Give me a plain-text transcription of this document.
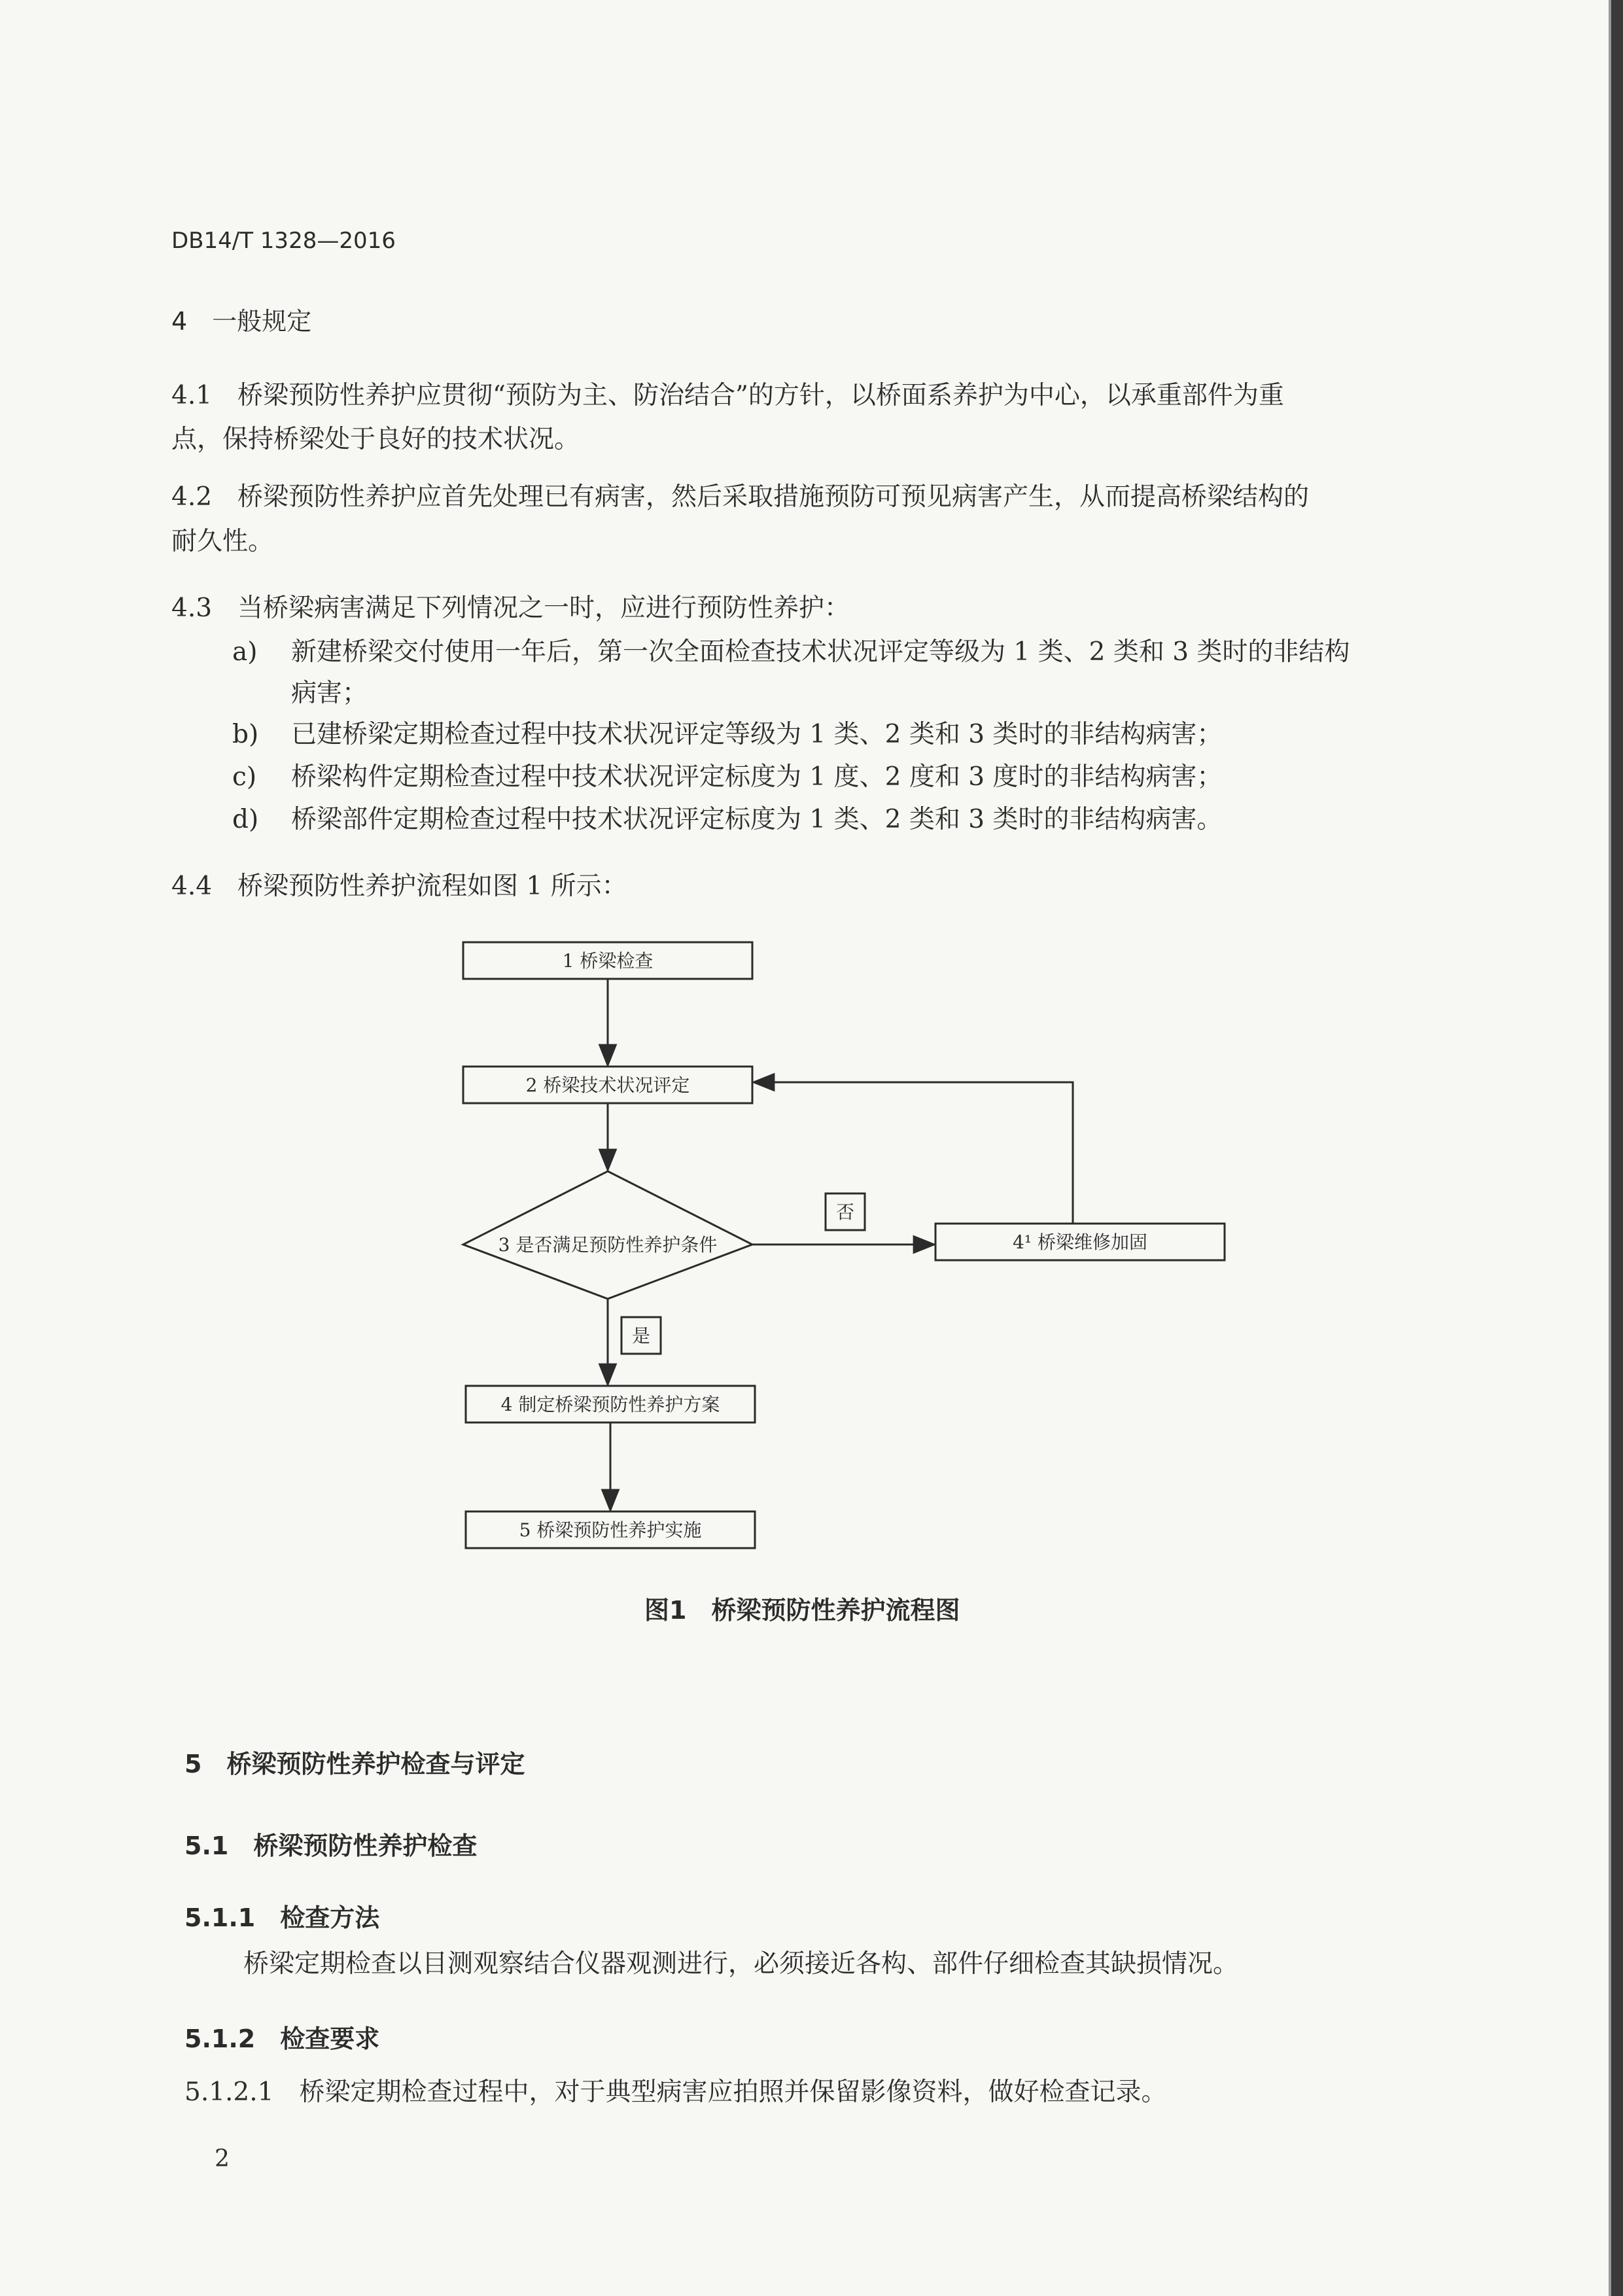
DB14/T 1328—2016
4　一般规定
4.1　桥梁预防性养护应贯彻“预防为主、防治结合”的方针，以桥面系养护为中心，以承重部件为重
点，保持桥梁处于良好的技术状况。
4.2　桥梁预防性养护应首先处理已有病害，然后采取措施预防可预见病害产生，从而提高桥梁结构的
耐久性。
4.3　当桥梁病害满足下列情况之一时，应进行预防性养护：
a) 新建桥梁交付使用一年后，第一次全面检查技术状况评定等级为 1 类、2 类和 3 类时的非结构
病害；
b) 已建桥梁定期检查过程中技术状况评定等级为 1 类、2 类和 3 类时的非结构病害；
c) 桥梁构件定期检查过程中技术状况评定标度为 1 度、2 度和 3 度时的非结构病害；
d) 桥梁部件定期检查过程中技术状况评定标度为 1 类、2 类和 3 类时的非结构病害。
4.4　桥梁预防性养护流程如图 1 所示：
1 桥梁检查
2 桥梁技术状况评定
3 是否满足预防性养护条件	4¹ 桥梁维修加固
4 制定桥梁预防性养护方案
5 桥梁预防性养护实施
否
是
图1　桥梁预防性养护流程图
5　桥梁预防性养护检查与评定
5.1　桥梁预防性养护检查
5.1.1　检查方法
桥梁定期检查以目测观察结合仪器观测进行，必须接近各构、部件仔细检查其缺损情况。
5.1.2　检查要求
5.1.2.1　桥梁定期检查过程中，对于典型病害应拍照并保留影像资料，做好检查记录。
2
